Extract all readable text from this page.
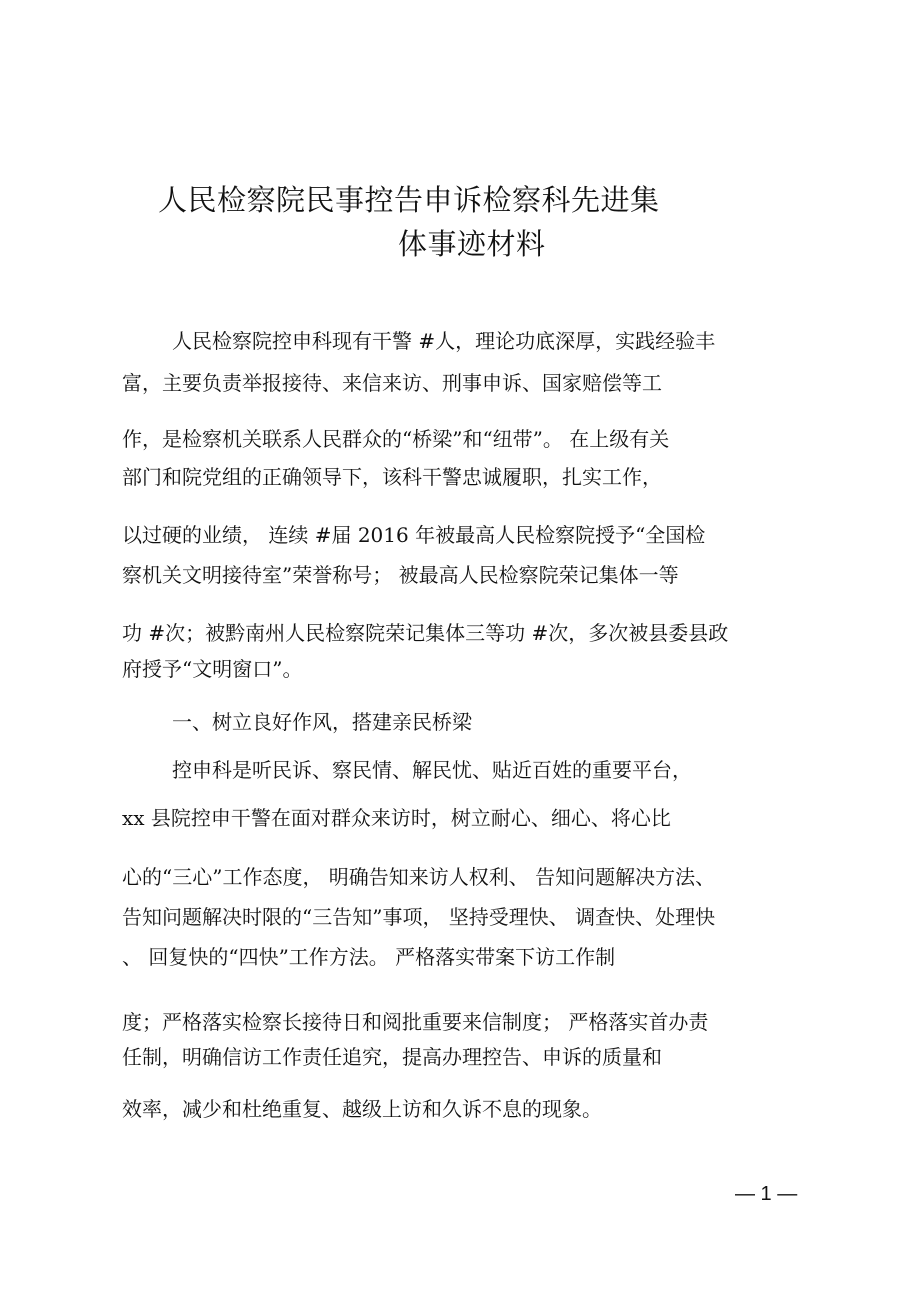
人民检察院民事控告申诉检察科先进集
体事迹材料
人民检察院控申科现有干警 #人，理论功底深厚，实践经验丰
富，主要负责举报接待、来信来访、刑事申诉、国家赔偿等工
作，是检察机关联系人民群众的“桥梁”和“纽带”。 在上级有关
部门和院党组的正确领导下，该科干警忠诚履职，扎实工作，
以过硬的业绩， 连续 #届 2016 年被最高人民检察院授予“全国检
察机关文明接待室”荣誉称号； 被最高人民检察院荣记集体一等
功 #次；被黔南州人民检察院荣记集体三等功 #次，多次被县委县政
府授予“文明窗口”。
一、树立良好作风，搭建亲民桥梁
控申科是听民诉、察民情、解民忧、贴近百姓的重要平台，
xx 县院控申干警在面对群众来访时，树立耐心、细心、将心比
心的“三心”工作态度， 明确告知来访人权利、 告知问题解决方法、
告知问题解决时限的“三告知”事项， 坚持受理快、 调查快、处理快
、 回复快的“四快”工作方法。 严格落实带案下访工作制
度；严格落实检察长接待日和阅批重要来信制度； 严格落实首办责
任制，明确信访工作责任追究，提高办理控告、申诉的质量和
效率，减少和杜绝重复、越级上访和久诉不息的现象。
— 1 —
